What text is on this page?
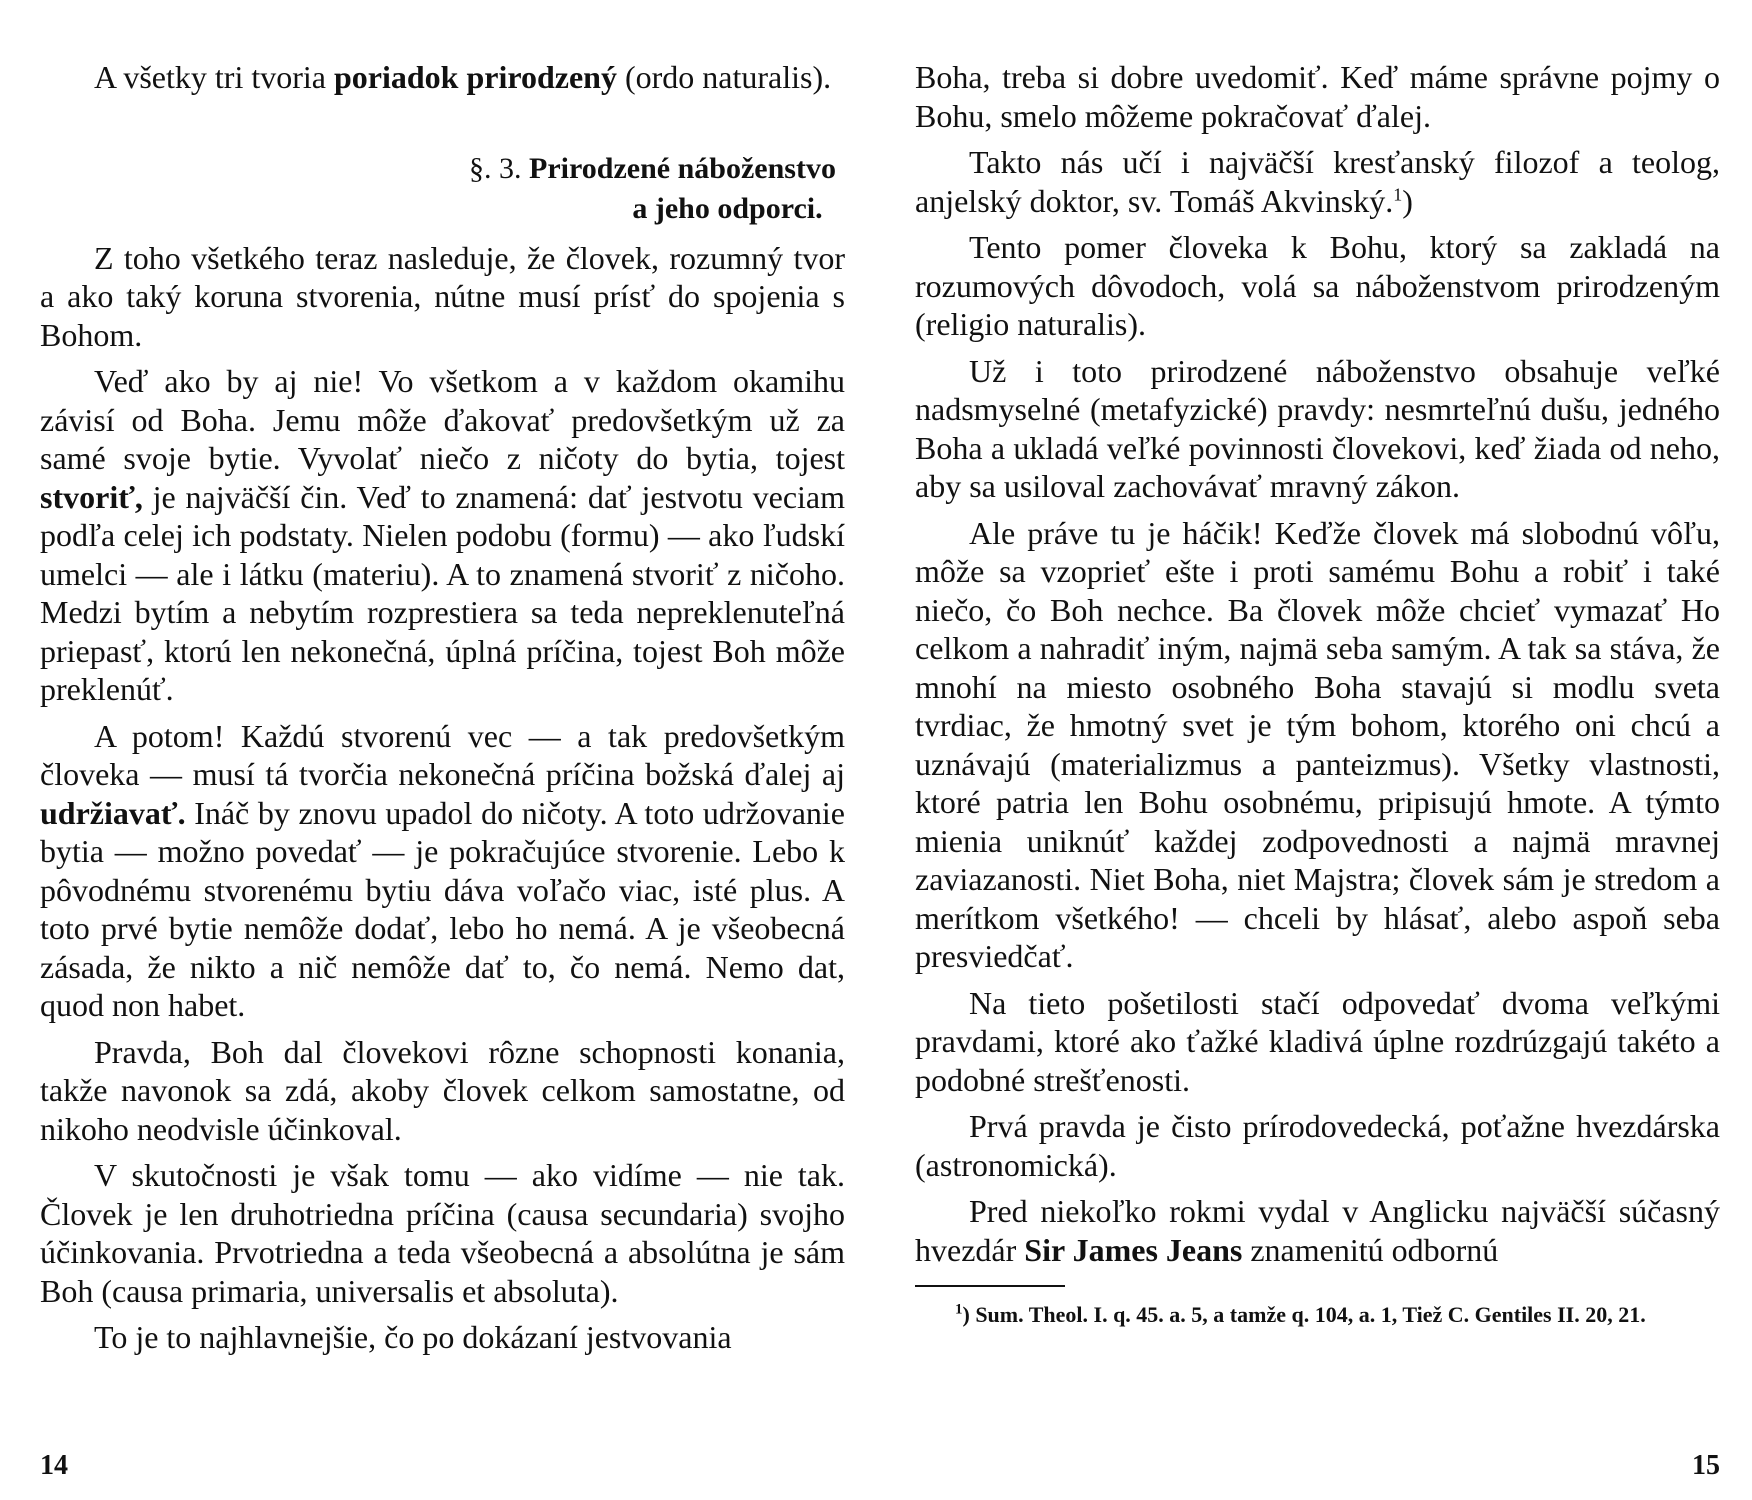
A všetky tri tvoria poriadok prirodzený (ordo naturalis).

§. 3. Prirodzené náboženstvo
a jeho odporci.

Z toho všetkého teraz nasleduje, že človek, rozumný tvor a ako taký koruna stvorenia, nútne musí prísť do spojenia s Bohom.

Veď ako by aj nie! Vo všetkom a v každom okamihu závisí od Boha. Jemu môže ďakovať predovšetkým už za samé svoje bytie. Vyvolať niečo z ničoty do bytia, tojest stvoriť, je najväčší čin. Veď to znamená: dať jestvotu veciam podľa celej ich podstaty. Nielen podobu (formu) — ako ľudskí umelci — ale i látku (materiu). A to znamená stvoriť z ničoho. Medzi bytím a nebytím rozprestiera sa teda nepreklenuteľná priepasť, ktorú len nekonečná, úplná príčina, tojest Boh môže preklenúť.

A potom! Každú stvorenú vec — a tak predovšetkým človeka — musí tá tvorčia nekonečná príčina božská ďalej aj udržiavať. Ináč by znovu upadol do ničoty. A toto udržovanie bytia — možno povedať — je pokračujúce stvorenie. Lebo k pôvodnému stvorenému bytiu dáva voľačo viac, isté plus. A toto prvé bytie nemôže dodať, lebo ho nemá. A je všeobecná zásada, že nikto a nič nemôže dať to, čo nemá. Nemo dat, quod non habet.

Pravda, Boh dal človekovi rôzne schopnosti konania, takže navonok sa zdá, akoby človek celkom samostatne, od nikoho neodvisle účinkoval.

V skutočnosti je však tomu — ako vidíme — nie tak. Človek je len druhotriedna príčina (causa secundaria) svojho účinkovania. Prvotriedna a teda všeobecná a absolútna je sám Boh (causa primaria, universalis et absoluta).

To je to najhlavnejšie, čo po dokázaní jestvovania

14

Boha, treba si dobre uvedomiť. Keď máme správne pojmy o Bohu, smelo môžeme pokračovať ďalej.

Takto nás učí i najväčší kresťanský filozof a teolog, anjelský doktor, sv. Tomáš Akvinský.$^1$)

Tento pomer človeka k Bohu, ktorý sa zakladá na rozumových dôvodoch, volá sa náboženstvom prirodzeným (religio naturalis).

Už i toto prirodzené náboženstvo obsahuje veľké nadsmyselné (metafyzické) pravdy: nesmrteľnú dušu, jedného Boha a ukladá veľké povinnosti človekovi, keď žiada od neho, aby sa usiloval zachovávať mravný zákon.

Ale práve tu je háčik! Keďže človek má slobodnú vôľu, môže sa vzoprieť ešte i proti samému Bohu a robiť i také niečo, čo Boh nechce. Ba človek môže chcieť vymazať Ho celkom a nahradiť iným, najmä seba samým. A tak sa stáva, že mnohí na miesto osobného Boha stavajú si modlu sveta tvrdiac, že hmotný svet je tým bohom, ktorého oni chcú a uznávajú (materializmus a panteizmus). Všetky vlastnosti, ktoré patria len Bohu osobnému, pripisujú hmote. A týmto mienia uniknúť každej zodpovednosti a najmä mravnej zaviazanosti. Niet Boha, niet Majstra; človek sám je stredom a merítkom všetkého! — chceli by hlásať, alebo aspoň seba presviedčať.

Na tieto pošetilosti stačí odpovedať dvoma veľkými pravdami, ktoré ako ťažké kladivá úplne rozdrúzgajú takéto a podobné strešťenosti.

Prvá pravda je čisto prírodovedecká, poťažne hvezdárska (astronomická).

Pred niekoľko rokmi vydal v Anglicku najväčší súčasný hvezdár Sir James Jeans znamenitú odbornú

$^1$) Sum. Theol. I. q. 45. a. 5, a tamže q. 104, a. 1, Tiež C. Gentiles II. 20, 21.
15
